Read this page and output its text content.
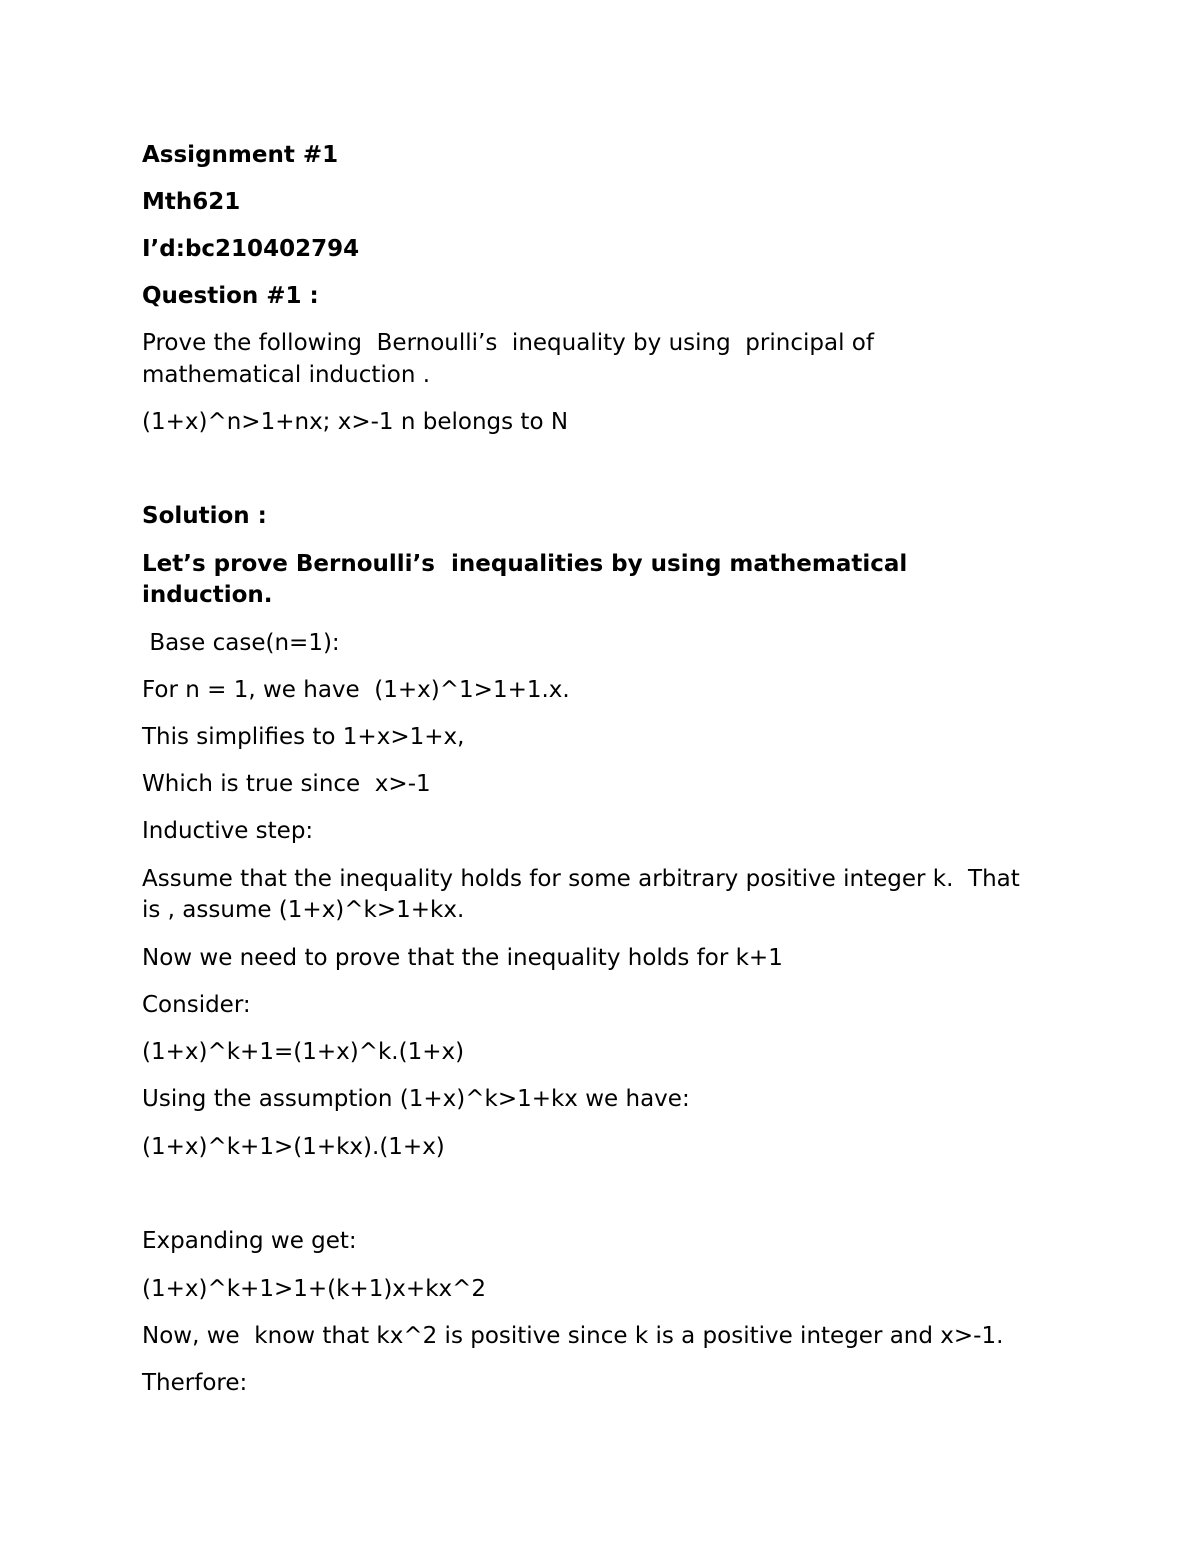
Assignment #1

Mth621

I’d:bc210402794

Question #1 :

Prove the following  Bernoulli’s  inequality by using  principal of

mathematical induction .

(1+x)^n>1+nx; x>-1 n belongs to N

Solution :

Let’s prove Bernoulli’s  inequalities by using mathematical

induction.

Base case(n=1):

For n = 1, we have  (1+x)^1>1+1.x.

This simplifies to 1+x>1+x,

Which is true since  x>-1

Inductive step:

Assume that the inequality holds for some arbitrary positive integer k.  That

is , assume (1+x)^k>1+kx.

Now we need to prove that the inequality holds for k+1

Consider:

(1+x)^k+1=(1+x)^k.(1+x)

Using the assumption (1+x)^k>1+kx we have:

(1+x)^k+1>(1+kx).(1+x)

Expanding we get:

(1+x)^k+1>1+(k+1)x+kx^2

Now, we  know that kx^2 is positive since k is a positive integer and x>-1.

Therfore:
